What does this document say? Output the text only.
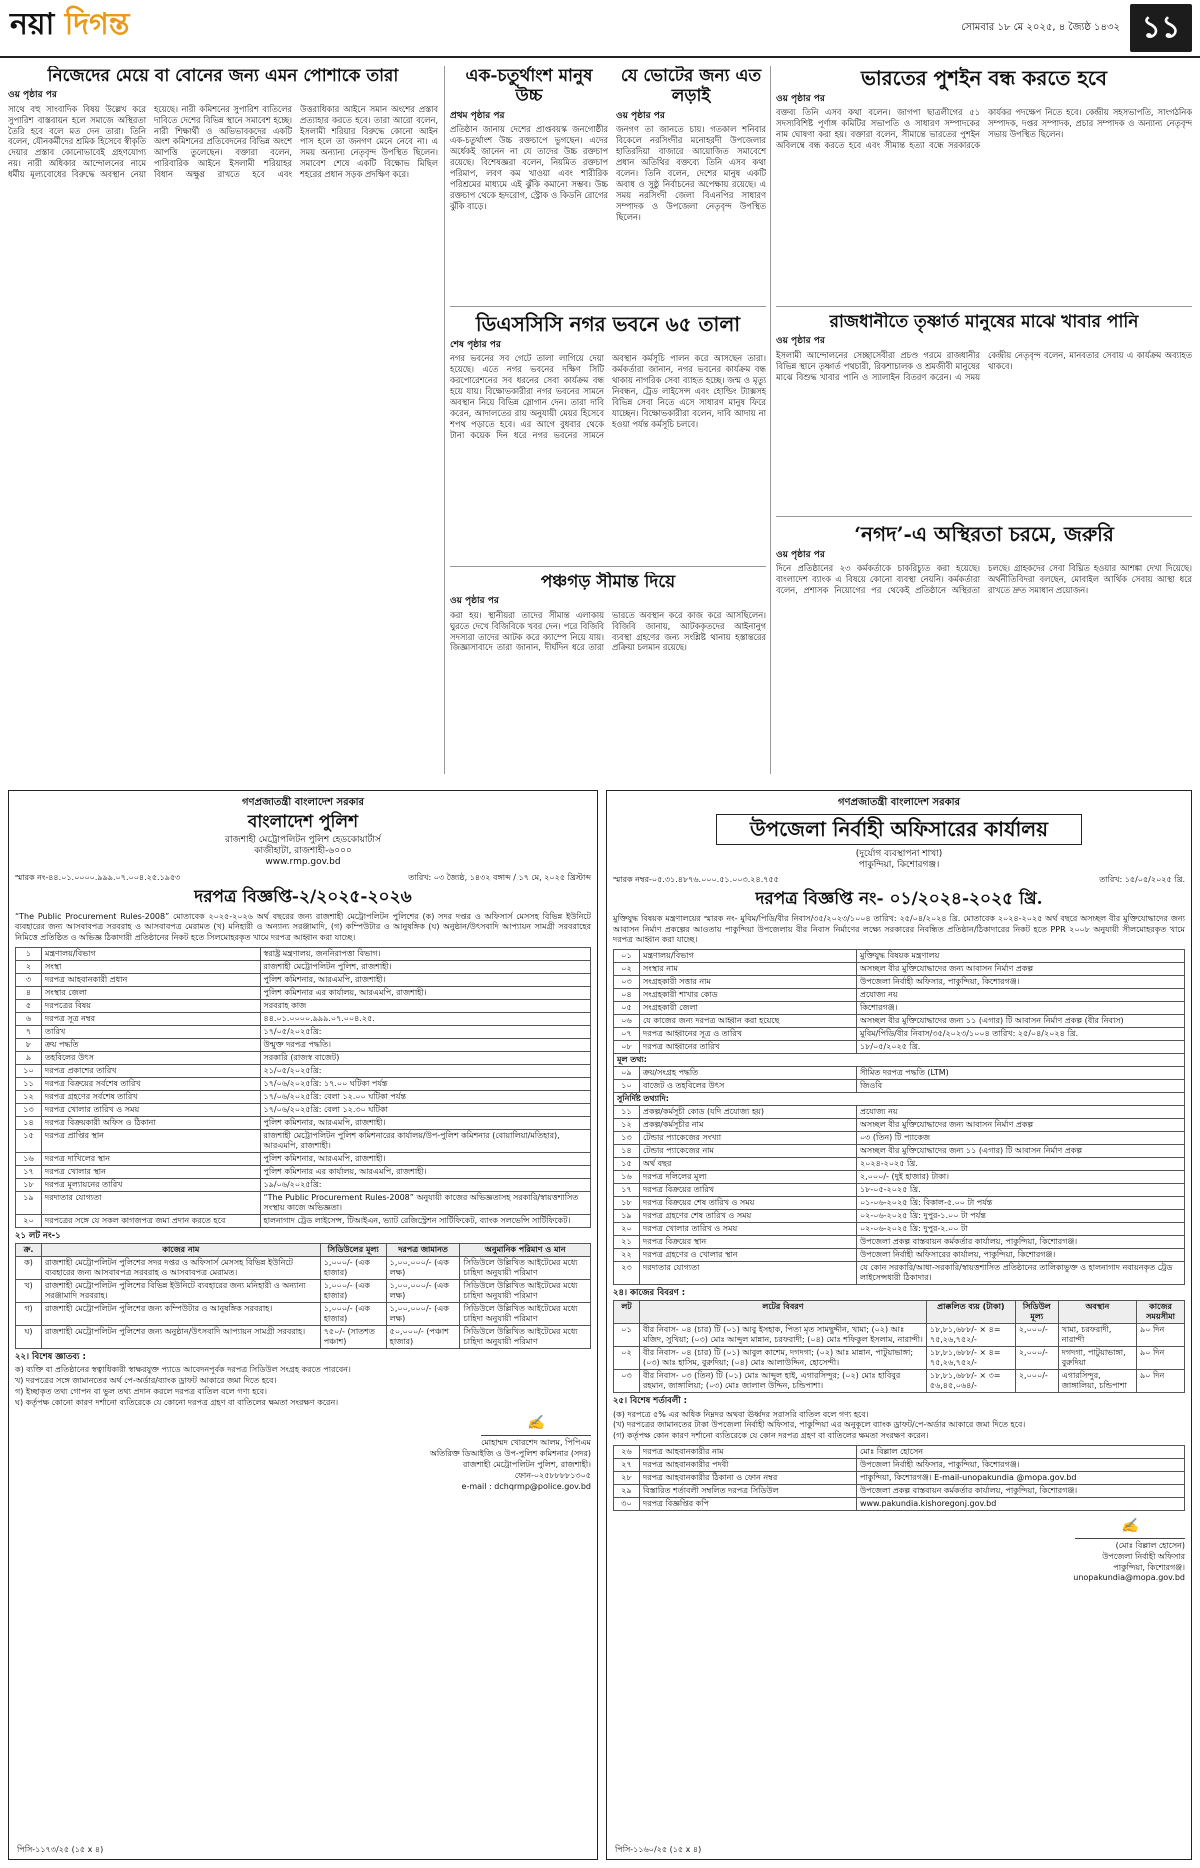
নয়া দিগন্ত	সোমবার ১৮ মে ২০২৫, ৪ জ্যৈষ্ঠ ১৪৩২ ১১
নিজেদের মেয়ে বা বোনের জন্য এমন পোশাকে তারা
ওয় পৃষ্ঠার পর
সাথে বহু সাংবাদিক বিষয় উল্লেখ করে সুপারিশ বাস্তবায়ন হলে সমাজে অস্থিরতা তৈরি হবে বলে মত দেন তারা। তিনি বলেন, যৌনকর্মীদের শ্রমিক হিসেবে স্বীকৃতি দেয়ার প্রস্তাব কোনোভাবেই গ্রহণযোগ্য নয়। নারী অধিকার আন্দোলনের নামে ধর্মীয় মূল্যবোধের বিরুদ্ধে অবস্থান নেয়া হয়েছে। নারী কমিশনের সুপারিশ বাতিলের দাবিতে দেশের বিভিন্ন স্থানে সমাবেশ হচ্ছে। নারী শিক্ষার্থী ও অভিভাবকদের একটি অংশ কমিশনের প্রতিবেদনের বিভিন্ন অংশে আপত্তি তুলেছেন। বক্তারা বলেন, পারিবারিক আইনে ইসলামী শরিয়াহর বিধান অক্ষুণ্ণ রাখতে হবে এবং উত্তরাধিকার আইনে সমান অংশের প্রস্তাব প্রত্যাহার করতে হবে। তারা আরো বলেন, ইসলামী শরিয়ার বিরুদ্ধে কোনো আইন পাস হলে তা জনগণ মেনে নেবে না। এ সময় অন্যান্য নেতৃবৃন্দ উপস্থিত ছিলেন। সমাবেশ শেষে একটি বিক্ষোভ মিছিল শহরের প্রধান সড়ক প্রদক্ষিণ করে।
এক-চতুর্থাংশ মানুষ উচ্চ
প্রথম পৃষ্ঠার পর
প্রতিষ্ঠান জানায় দেশের প্রাপ্তবয়স্ক জনগোষ্ঠীর এক-চতুর্থাংশ উচ্চ রক্তচাপে ভুগছেন। এদের অর্ধেকই জানেন না যে তাদের উচ্চ রক্তচাপ রয়েছে। বিশেষজ্ঞরা বলেন, নিয়মিত রক্তচাপ পরিমাপ, লবণ কম খাওয়া এবং শারীরিক পরিশ্রমের মাধ্যমে এই ঝুঁকি কমানো সম্ভব। উচ্চ রক্তচাপ থেকে হৃদরোগ, স্ট্রোক ও কিডনি রোগের ঝুঁকি বাড়ে।
যে ভোটের জন্য এত লড়াই
ওয় পৃষ্ঠার পর
জনগণ তা জানতে চায়। গতকাল শনিবার বিকেলে নরসিংদীর মনোহরদী উপজেলার হাতিরদিয়া বাজারে আয়োজিত সমাবেশে প্রধান অতিথির বক্তব্যে তিনি এসব কথা বলেন। তিনি বলেন, দেশের মানুষ একটি অবাধ ও সুষ্ঠু নির্বাচনের অপেক্ষায় রয়েছে। এ সময় নরসিংদী জেলা বিএনপির সাধারণ সম্পাদক ও উপজেলা নেতৃবৃন্দ উপস্থিত ছিলেন।
ভারতের পুশইন বন্ধ করতে হবে
ওয় পৃষ্ঠার পর
বক্তব্য তিনি এসব কথা বলেন। জাগপা ছাত্রলীগের ৫১ সদস্যবিশিষ্ট পূর্ণাঙ্গ কমিটির সভাপতি ও সাধারণ সম্পাদকের নাম ঘোষণা করা হয়। বক্তারা বলেন, সীমান্তে ভারতের পুশইন অবিলম্বে বন্ধ করতে হবে এবং সীমান্ত হত্যা বন্ধে সরকারকে কার্যকর পদক্ষেপ নিতে হবে। কেন্দ্রীয় সহসভাপতি, সাংগঠনিক সম্পাদক, দপ্তর সম্পাদক, প্রচার সম্পাদক ও অন্যান্য নেতৃবৃন্দ সভায় উপস্থিত ছিলেন।
ডিএসসিসি নগর ভবনে ৬৫ তালা
শেষ পৃষ্ঠার পর
নগর ভবনের সব গেটে তালা লাগিয়ে দেয়া হয়েছে। এতে নগর ভবনের দক্ষিণ সিটি করপোরেশনের সব ধরনের সেবা কার্যক্রম বন্ধ হয়ে যায়। বিক্ষোভকারীরা নগর ভবনের সামনে অবস্থান নিয়ে বিভিন্ন স্লোগান দেন। তারা দাবি করেন, আদালতের রায় অনুযায়ী মেয়র হিসেবে শপথ পড়াতে হবে। এর আগে বুধবার থেকে টানা কয়েক দিন ধরে নগর ভবনের সামনে অবস্থান কর্মসূচি পালন করে আসছেন তারা। কর্মকর্তারা জানান, নগর ভবনের কার্যক্রম বন্ধ থাকায় নাগরিক সেবা ব্যাহত হচ্ছে। জন্ম ও মৃত্যু নিবন্ধন, ট্রেড লাইসেন্স এবং হোল্ডিং ট্যাক্সসহ বিভিন্ন সেবা নিতে এসে সাধারণ মানুষ ফিরে যাচ্ছেন। বিক্ষোভকারীরা বলেন, দাবি আদায় না হওয়া পর্যন্ত কর্মসূচি চলবে।
রাজধানীতে তৃষ্ণার্ত মানুষের মাঝে খাবার পানি
ওয় পৃষ্ঠার পর
ইসলামী আন্দোলনের সেচ্ছাসেবীরা প্রচণ্ড গরমে রাজধানীর বিভিন্ন স্থানে তৃষ্ণার্ত পথচারী, রিকশাচালক ও শ্রমজীবী মানুষের মাঝে বিশুদ্ধ খাবার পানি ও স্যালাইন বিতরণ করেন। এ সময় কেন্দ্রীয় নেতৃবৃন্দ বলেন, মানবতার সেবায় এ কার্যক্রম অব্যাহত থাকবে।
পঞ্চগড় সীমান্ত দিয়ে
ওয় পৃষ্ঠার পর
করা হয়। স্থানীয়রা তাদের সীমান্ত এলাকায় ঘুরতে দেখে বিজিবিকে খবর দেন। পরে বিজিবি সদস্যরা তাদের আটক করে ক্যাম্পে নিয়ে যায়। জিজ্ঞাসাবাদে তারা জানান, দীর্ঘদিন ধরে তারা ভারতে অবস্থান করে কাজ করে আসছিলেন। বিজিবি জানায়, আটককৃতদের আইনানুগ ব্যবস্থা গ্রহণের জন্য সংশ্লিষ্ট থানায় হস্তান্তরের প্রক্রিয়া চলমান রয়েছে।
‘নগদ’-এ অস্থিরতা চরমে, জরুরি
ওয় পৃষ্ঠার পর
দিনে প্রতিষ্ঠানের ২৩ কর্মকর্তাকে চাকরিচ্যুত করা হয়েছে। বাংলাদেশ ব্যাংক এ বিষয়ে কোনো ব্যবস্থা নেয়নি। কর্মকর্তারা বলেন, প্রশাসক নিয়োগের পর থেকেই প্রতিষ্ঠানে অস্থিরতা চলছে। গ্রাহকদের সেবা বিঘ্নিত হওয়ার আশঙ্কা দেখা দিয়েছে। অর্থনীতিবিদরা বলছেন, মোবাইল আর্থিক সেবায় আস্থা ধরে রাখতে দ্রুত সমাধান প্রয়োজন।
গণপ্রজাতন্ত্রী বাংলাদেশ সরকার
বাংলাদেশ পুলিশ
রাজশাহী মেট্রোপলিটন পুলিশ হেডকোয়ার্টার্স
কাজীহাটা, রাজশাহী-৬০০০
www.rmp.gov.bd
স্মারক নং-৪৪.০১.০০০০.৯৯৯.০৭.০০৪.২৫.১৯৫৩	তারিখ: ০৩ জ্যৈষ্ঠ, ১৪৩২ বঙ্গাব্দ / ১৭ মে, ২০২৫ খ্রিস্টাব্দ
দরপত্র বিজ্ঞপ্তি-২/২০২৫-২০২৬
“The Public Procurement Rules-2008” মোতাবেক ২০২৫-২০২৬ অর্থ বছরের জন্য রাজশাহী মেট্রোপলিটন পুলিশের (ক) সদর দপ্তর ও অফিসার্স মেসসহ বিভিন্ন ইউনিটে ব্যবহারের জন্য আসবাবপত্র সরবরাহ ও আসবাবপত্র মেরামত (খ) মনিহারী ও অন্যান্য সরঞ্জামাদি, (গ) কম্পিউটার ও আনুষঙ্গিক (ঘ) অনুষ্ঠান/উৎসবাদি আপ্যায়ন সামগ্রী সরবরাহের নিমিত্তে প্রতিষ্ঠিত ও অভিজ্ঞ ঠিকাদারী প্রতিষ্ঠানের নিকট হতে সিলমোহরকৃত খামে দরপত্র আহ্বান করা যাচ্ছে।
১	মন্ত্রণালয়/বিভাগ	স্বরাষ্ট্র মন্ত্রণালয়, জননিরাপত্তা বিভাগ।
২	সংস্থা	রাজশাহী মেট্রোপলিটন পুলিশ, রাজশাহী।
৩	দরপত্র আহবানকারী প্রধান	পুলিশ কমিশনার, আরএমপি, রাজশাহী।
৪	সংস্থার জেলা	পুলিশ কমিশনার এর কার্যালয়, আরএমপি, রাজশাহী।
৫	দরপত্রের বিষয়	সরবরাহ কাজ
৬	দরপত্র সূত্র নম্বর	৪৪.০১.০০০০.৯৯৯.০৭.০০৪.২৫.
৭	তারিখ	১৭/০৫/২০২৫খ্রি:
৮	ক্রয় পদ্ধতি	উন্মুক্ত দরপত্র পদ্ধতি।
৯	তহবিলের উৎস	সরকারি (রাজস্ব বাজেট)
১০	দরপত্র প্রকাশের তারিখ	২১/০৫/২০২৫খ্রি:
১১	দরপত্র বিক্রয়ের সর্বশেষ তারিখ	১৭/০৬/২০২৫খ্রি: ১৭.০০ ঘটিকা পর্যন্ত
১২	দরপত্র গ্রহণের সর্বশেষ তারিখ	১৭/০৬/২০২৫খ্রি: বেলা ১২.০০ ঘটিকা পর্যন্ত
১৩	দরপত্র খোলার তারিখ ও সময়	১৭/০৬/২০২৫খ্রি: বেলা ১২.৩০ ঘটিকা
১৪	দরপত্র বিক্রয়কারী অফিস ও ঠিকানা	পুলিশ কমিশনার, আরএমপি, রাজশাহী।
১৫	দরপত্র প্রাপ্তির স্থান	রাজশাহী মেট্রোপলিটন পুলিশ কমিশনারের কার্যালয়/উপ-পুলিশ কমিশনার (বোয়ালিয়া/মতিহার), আরএমপি, রাজশাহী।
১৬	দরপত্র দাখিলের স্থান	পুলিশ কমিশনার, আরএমপি, রাজশাহী।
১৭	দরপত্র খোলার স্থান	পুলিশ কমিশনার এর কার্যালয়, আরএমপি, রাজশাহী।
১৮	দরপত্র মূল্যায়নের তারিখ	১৯/০৬/২০২৫খ্রি:
১৯	দরদাতার যোগ্যতা	“The Public Procurement Rules-2008” অনুযায়ী কাজের অভিজ্ঞতাসহ সরকারি/স্বায়ত্তশাসিত সংস্থায় কাজে অভিজ্ঞতা।
২০	দরপত্রের সঙ্গে যে সকল কাগজপত্র জমা প্রদান করতে হবে	হালনাগাদ ট্রেড লাইসেন্স, টিআইএন, ভ্যাট রেজিস্ট্রেশন সার্টিফিকেট, ব্যাংক সলভেন্সি সার্টিফিকেট।
২১ লট নং-১
ক্র.	কাজের নাম	সিডিউলের মূল্য	দরপত্র জামানত	অনুমানিক পরিমাণ ও মান
ক)	রাজশাহী মেট্রোপলিটন পুলিশের সদর দপ্তর ও অফিসার্স মেসসহ বিভিন্ন ইউনিটে ব্যবহারের জন্য আসবাবপত্র সরবরাহ ও আসবাবপত্র মেরামত।	১,০০০/- (এক হাজার)	১,০০,০০০/- (এক লক্ষ)	সিডিউলে উল্লিখিত আইটেমের মধ্যে চাহিদা অনুযায়ী পরিমাণ
খ)	রাজশাহী মেট্রোপলিটন পুলিশের বিভিন্ন ইউনিটে ব্যবহারের জন্য মনিহারী ও অন্যান্য সরঞ্জামাদি সরবরাহ।	১,০০০/- (এক হাজার)	১,০০,০০০/- (এক লক্ষ)	সিডিউলে উল্লিখিত আইটেমের মধ্যে চাহিদা অনুযায়ী পরিমাণ
গ)	রাজশাহী মেট্রোপলিটন পুলিশের জন্য কম্পিউটার ও আনুষঙ্গিক সরবরাহ।	১,০০০/- (এক হাজার)	১,০০,০০০/- (এক লক্ষ)	সিডিউলে উল্লিখিত আইটেমের মধ্যে চাহিদা অনুযায়ী পরিমাণ
ঘ)	রাজশাহী মেট্রোপলিটন পুলিশের জন্য অনুষ্ঠান/উৎসবাদি আপ্যায়ন সামগ্রী সরবরাহ।	৭৫০/- (সাতশত পঞ্চাশ)	৫০,০০০/- (পঞ্চাশ হাজার)	সিডিউলে উল্লিখিত আইটেমের মধ্যে চাহিদা অনুযায়ী পরিমাণ
২২। বিশেষ জ্ঞাতব্য :
ক) ব্যক্তি বা প্রতিষ্ঠানের স্বত্বাধিকারী স্বাক্ষরযুক্ত প্যাডে আবেদনপূর্বক দরপত্র সিডিউল সংগ্রহ করতে পারবেন।
খ) দরপত্রের সঙ্গে জামানতের অর্থ পে-অর্ডার/ব্যাংক ড্রাফট আকারে জমা দিতে হবে।
গ) ইচ্ছাকৃত তথ্য গোপন বা ভুল তথ্য প্রদান করলে দরপত্র বাতিল বলে গণ্য হবে।
ঘ) কর্তৃপক্ষ কোনো কারণ দর্শানো ব্যতিরেকে যে কোনো দরপত্র গ্রহণ বা বাতিলের ক্ষমতা সংরক্ষণ করেন।
✍
মোহাম্মদ খোরশেদ আলম, পিপিএম
অতিরিক্ত ডিআইজি ও উপ-পুলিশ কমিশনার (সদর)
রাজশাহী মেট্রোপলিটন পুলিশ, রাজশাহী।
ফোন-০২৫৮৮৮৮১৩০৫
e-mail : dchqrmp@police.gov.bd
পিসি-১১৭৩/২৫ (১৫ x ৪)
গণপ্রজাতন্ত্রী বাংলাদেশ সরকার
উপজেলা নির্বাহী অফিসারের কার্যালয়
(দুর্যোগ ব্যবস্থাপনা শাখা)
পাকুন্দিয়া, কিশোরগঞ্জ।
স্মারক নম্বর-০৫.৩১.৪৮৭৬.০০০.৫১.০০৩.২৪.৭৫৫	তারিখ: ১৫/০৫/২০২৫ খ্রি.
দরপত্র বিজ্ঞপ্তি নং- ০১/২০২৪-২০২৫ খ্রি.
মুক্তিযুদ্ধ বিষয়ক মন্ত্রণালয়ের স্মারক নং- মুবিম/পিডি/বীর নিবাস/৩৫/২০২৩/১০০৪ তারিখ: ২৫/০৪/২০২৪ খ্রি. মোতাবেক ২০২৪-২০২৫ অর্থ বছরে অসচ্ছল বীর মুক্তিযোদ্ধাদের জন্য আবাসন নির্মাণ প্রকল্পের আওতায় পাকুন্দিয়া উপজেলায় বীর নিবাস নির্মাণের লক্ষ্যে সরকারের নিবন্ধিত প্রতিষ্ঠান/ঠিকাদারের নিকট হতে PPR ২০০৮ অনুযায়ী সীলমোহরকৃত খামে দরপত্র আহ্বান করা যাচ্ছে।
০১	মন্ত্রণালয়/বিভাগ	মুক্তিযুদ্ধ বিষয়ক মন্ত্রণালয়
০২	সংস্থার নাম	অসচ্ছল বীর মুক্তিযোদ্ধাদের জন্য আবাসন নির্মাণ প্রকল্প
০৩	সংগ্রহকারী সত্তার নাম	উপজেলা নির্বাহী অফিসার, পাকুন্দিয়া, কিশোরগঞ্জ।
০৪	সংগ্রহকারী শাখার কোড	প্রযোজ্য নয়
০৫	সংগ্রহকারী জেলা	কিশোরগঞ্জ।
০৬	যে কাজের জন্য দরপত্র আহ্বান করা হয়েছে	অসচ্ছল বীর মুক্তিযোদ্ধাদের জন্য ১১ (এগার) টি আবাসন নির্মাণ প্রকল্প (বীর নিবাস)
০৭	দরপত্র আহ্বানের সূত্র ও তারিখ	মুবিম/পিডি/বীর নিবাস/৩৫/২০২৩/১০০৪ তারিখ: ২৫/০৪/২০২৪ খ্রি.
০৮	দরপত্র আহ্বানের তারিখ	১৮/০৫/২০২৫ খ্রি.
মূল তথ্য:		
০৯	ক্রয়/সংগ্রহ পদ্ধতি	সীমিত দরপত্র পদ্ধতি (LTM)
১০	বাজেট ও তহবিলের উৎস	জিওবি
সুনির্দিষ্ট তথ্যাদি:		
১১	প্রকল্প/কর্মসূচী কোড (যদি প্রযোজ্য হয়)	প্রযোজ্য নয়
১২	প্রকল্প/কর্মসূচীর নাম	অসচ্ছল বীর মুক্তিযোদ্ধাদের জন্য আবাসন নির্মাণ প্রকল্প
১৩	টেন্ডার প্যাকেজের সংখ্যা	০৩ (তিন) টি প্যাকেজ
১৪	টেন্ডার প্যাকেজের নাম	অসচ্ছল বীর মুক্তিযোদ্ধাদের জন্য ১১ (এগার) টি আবাসন নির্মাণ প্রকল্প
১৫	অর্থ বছর	২০২৪-২০২৫ খ্রি.
১৬	দরপত্র দলিলের মূল্য	২,০০০/- (দুই হাজার) টাকা।
১৭	দরপত্র বিক্রয়ের তারিখ	১৮-০৫-২০২৫ খ্রি.
১৮	দরপত্র বিক্রয়ের শেষ তারিখ ও সময়	০১-০৬-২০২৫ খ্রি: বিকাল-৫.০০ টা পর্যন্ত
১৯	দরপত্র গ্রহণের শেষ তারিখ ও সময়	০২-০৬-২০২৫ খ্রি: দুপুর-১.০০ টা পর্যন্ত
২০	দরপত্র খোলার তারিখ ও সময়	০২-০৬-২০২৫ খ্রি: দুপুর-২.০০ টা
২১	দরপত্র বিক্রয়ের স্থান	উপজেলা প্রকল্প বাস্তবায়ন কর্মকর্তার কার্যালয়, পাকুন্দিয়া, কিশোরগঞ্জ।
২২	দরপত্র গ্রহণের ও খোলার স্থান	উপজেলা নির্বাহী অফিসারের কার্যালয়, পাকুন্দিয়া, কিশোরগঞ্জ।
২৩	দরদাতার যোগ্যতা	যে কোন সরকারি/আধা-সরকারি/স্বায়ত্তশাসিত প্রতিষ্ঠানের তালিকাভুক্ত ও হালনাগাদ নবায়নকৃত ট্রেড লাইসেন্সধারী ঠিকাদার।
২৪। কাজের বিবরণ :
লট	লটের বিবরণ	প্রাক্কলিত ব্যয় (টাকা)	সিডিউল মূল্য	অবস্থান	কাজের সময়সীমা
০১	বীর নিবাস- ০৪ (চার) টি (০১) আবু ইসহাক, পিতা মৃত সামছুদ্দীন, খামা; (০২) আঃ মজিদ, সুখিয়া; (০৩) মোঃ আব্দুল মান্নান, চরফরাদী; (০৪) মোঃ শফিকুল ইসলাম, নারান্দী।	১৮,৮১,৬৮৮/- × ৪= ৭৫,২৬,৭৫২/-	২,০০০/-	খামা, চরফরাদী, নারান্দী	৯০ দিন
০২	বীর নিবাস- ০৪ (চার) টি (০১) আবুল কাশেম, দগদগা; (০২) আঃ মান্নান, পাটুয়াভাঙ্গা; (০৩) আঃ হাসিম, বুরুদিয়া; (০৪) মোঃ আলাউদ্দিন, হোসেন্দী।	১৮,৮১,৬৮৮/- × ৪= ৭৫,২৬,৭৫২/-	২,০০০/-	দগদগা, পাটুয়াভাঙ্গা, বুরুদিয়া	৯০ দিন
০৩	বীর নিবাস- ০৩ (তিন) টি (০১) মোঃ আব্দুল হাই, এগারসিন্দুর; (০২) মোঃ হাবিবুর রহমান, জাঙ্গালিয়া; (০৩) মোঃ জালাল উদ্দিন, চন্ডিপাশা।	১৮,৮১,৬৮৮/- × ৩= ৫৬,৪৫,০৬৪/-	২,০০০/-	এগারসিন্দুর, জাঙ্গালিয়া, চন্ডিপাশা	৯০ দিন
২৫। বিশেষ শর্তাবলী :
(ক) দরপত্রে ৫% এর অধিক নিম্নদর অথবা ঊর্ধ্বদর সরাসরি বাতিল বলে গণ্য হবে।
(খ) দরপত্রের জামানতের টাকা উপজেলা নির্বাহী অফিসার, পাকুন্দিয়া এর অনুকূলে ব্যাংক ড্রাফট/পে-অর্ডার আকারে জমা দিতে হবে।
(গ) কর্তৃপক্ষ কোন কারণ দর্শানো ব্যতিরেকে যে কোন দরপত্র গ্রহণ বা বাতিলের ক্ষমতা সংরক্ষণ করেন।
২৬	দরপত্র আহবানকারীর নাম	মোঃ বিল্লাল হোসেন
২৭	দরপত্র আহবানকারীর পদবী	উপজেলা নির্বাহী অফিসার, পাকুন্দিয়া, কিশোরগঞ্জ।
২৮	দরপত্র আহবানকারীর ঠিকানা ও ফোন নম্বর	পাকুন্দিয়া, কিশোরগঞ্জ। E-mail-unopakundia @mopa.gov.bd
২৯	বিস্তারিত শর্তাবলী সম্বলিত দরপত্র সিডিউল	উপজেলা প্রকল্প বাস্তবায়ন কর্মকর্তার কার্যালয়, পাকুন্দিয়া, কিশোরগঞ্জ।
৩০	দরপত্র বিজ্ঞপ্তির কপি	www.pakundia.kishoregonj.gov.bd
✍
(মোঃ বিল্লাল হোসেন)
উপজেলা নির্বাহী অফিসার
পাকুন্দিয়া, কিশোরগঞ্জ।
unopakundia@mopa.gov.bd
পিসি-১১৬০/২৫ (১৫ x ৪)
